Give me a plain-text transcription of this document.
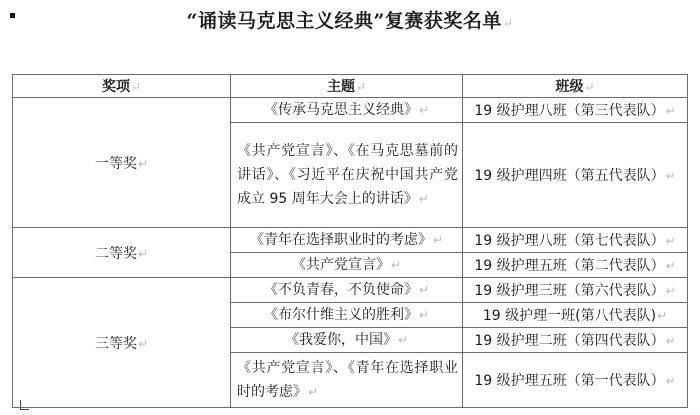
“诵读马克思主义经典”复赛获奖名单↵
奖项↵	主题↵	班级↵
一等奖↵	《传承马克思主义经典》↵	19 级护理八班（第三代表队）↵
	《共产党宣言》、《在马克思墓前的讲话》、《习近平在庆祝中国共产党成立 95 周年大会上的讲话》↵	19 级护理四班（第五代表队）↵
二等奖↵	《青年在选择职业时的考虑》↵	19 级护理八班（第七代表队）↵
	《共产党宣言》↵	19 级护理五班（第二代表队）↵
三等奖↵	《不负青春，不负使命》↵	19 级护理三班（第六代表队）↵
	《布尔什维主义的胜利》↵	19 级护理一班(第八代表队)↵
	《我爱你，中国》↵	19 级护理二班（第四代表队）↵
	《共产党宣言》、《青年在选择职业时的考虑》↵	19 级护理五班（第一代表队）↵
